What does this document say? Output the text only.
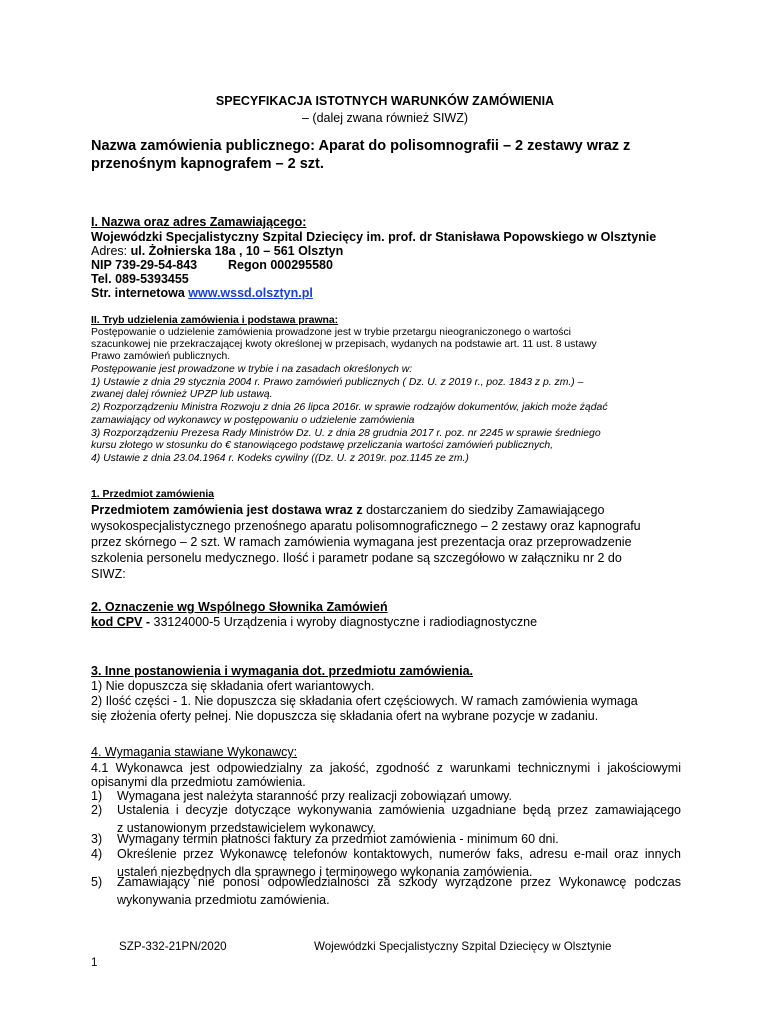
SPECYFIKACJA ISTOTNYCH WARUNKÓW ZAMÓWIENIA
– (dalej zwana również SIWZ)
Nazwa zamówienia publicznego: Aparat do polisomnografii – 2 zestawy wraz z
przenośnym kapnografem – 2 szt.
I. Nazwa oraz adres Zamawiającego:
Wojewódzki Specjalistyczny Szpital Dziecięcy im. prof. dr Stanisława Popowskiego w Olsztynie
Adres: ul. Żołnierska 18a , 10 – 561 Olsztyn
NIP 739-29-54-843 Regon 000295580
Tel. 089-5393455
Str. internetowa www.wssd.olsztyn.pl
II. Tryb udzielenia zamówienia i podstawa prawna:
Postępowanie o udzielenie zamówienia prowadzone jest w trybie przetargu nieograniczonego o wartości
szacunkowej nie przekraczającej kwoty określonej w przepisach, wydanych na podstawie art. 11 ust. 8 ustawy
Prawo zamówień publicznych.
Postępowanie jest prowadzone w trybie i na zasadach określonych w:
1) Ustawie z dnia 29 stycznia 2004 r. Prawo zamówień publicznych ( Dz. U. z 2019 r., poz. 1843 z p. zm.) –
zwanej dalej również UPZP lub ustawą.
2) Rozporządzeniu Ministra Rozwoju z dnia 26 lipca 2016r. w sprawie rodzajów dokumentów, jakich może żądać
zamawiający od wykonawcy w postępowaniu o udzielenie zamówienia
3) Rozporządzeniu Prezesa Rady Ministrów Dz. U. z dnia 28 grudnia 2017 r. poz. nr 2245 w sprawie średniego
kursu złotego w stosunku do € stanowiącego podstawę przeliczania wartości zamówień publicznych,
4) Ustawie z dnia 23.04.1964 r. Kodeks cywilny ((Dz. U. z 2019r. poz.1145 ze zm.)
1. Przedmiot zamówienia
Przedmiotem zamówienia jest dostawa wraz z dostarczaniem do siedziby Zamawiającego
wysokospecjalistycznego przenośnego aparatu polisomnograficznego – 2 zestawy oraz kapnografu
przez skórnego – 2 szt. W ramach zamówienia wymagana jest prezentacja oraz przeprowadzenie
szkolenia personelu medycznego. Ilość i parametr podane są szczegółowo w załączniku nr 2 do
SIWZ:
2. Oznaczenie wg Wspólnego Słownika Zamówień
kod CPV - 33124000-5 Urządzenia i wyroby diagnostyczne i radiodiagnostyczne
3. Inne postanowienia i wymagania dot. przedmiotu zamówienia.
1) Nie dopuszcza się składania ofert wariantowych.
2) Ilość części - 1. Nie dopuszcza się składania ofert częściowych. W ramach zamówienia wymaga
się złożenia oferty pełnej. Nie dopuszcza się składania ofert na wybrane pozycje w zadaniu.
4. Wymagania stawiane Wykonawcy:
4.1 Wykonawca jest odpowiedzialny za jakość, zgodność z warunkami technicznymi i jakościowymi
opisanymi dla przedmiotu zamówienia.
1) Wymagana jest należyta staranność przy realizacji zobowiązań umowy.
2) Ustalenia i decyzje dotyczące wykonywania zamówienia uzgadniane będą przez zamawiającego
z ustanowionym przedstawicielem wykonawcy.
3) Wymagany termin płatności faktury za przedmiot zamówienia - minimum 60 dni.
4) Określenie przez Wykonawcę telefonów kontaktowych, numerów faks, adresu e-mail oraz innych
ustaleń niezbędnych dla sprawnego i terminowego wykonania zamówienia.
5) Zamawiający nie ponosi odpowiedzialności za szkody wyrządzone przez Wykonawcę podczas
wykonywania przedmiotu zamówienia.
SZP-332-21PN/2020	Wojewódzki Specjalistyczny Szpital Dziecięcy w Olsztynie
1
